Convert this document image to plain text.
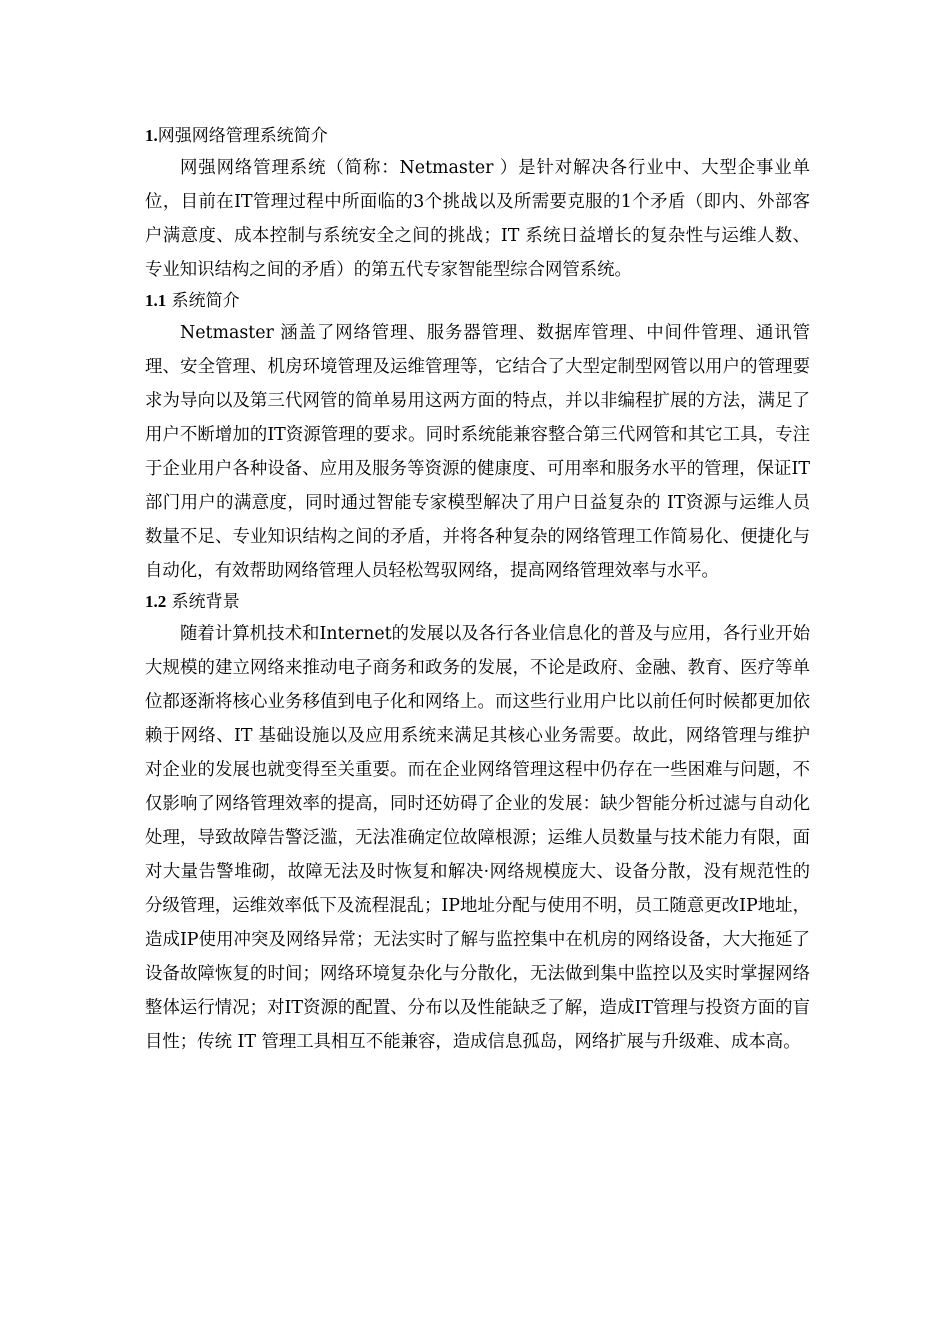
1.网强网络管理系统简介

网强网络管理系统（简称：Netmaster ）是针对解决各行业中、大型企事业单位，目前在IT管理过程中所面临的3个挑战以及所需要克服的1个矛盾（即内、外部客户满意度、成本控制与系统安全之间的挑战；IT 系统日益增长的复杂性与运维人数、专业知识结构之间的矛盾）的第五代专家智能型综合网管系统。

1.1 系统简介

Netmaster 涵盖了网络管理、服务器管理、数据库管理、中间件管理、通讯管理、安全管理、机房环境管理及运维管理等，它结合了大型定制型网管以用户的管理要求为导向以及第三代网管的简单易用这两方面的特点，并以非编程扩展的方法，满足了用户不断增加的IT资源管理的要求。同时系统能兼容整合第三代网管和其它工具，专注于企业用户各种设备、应用及服务等资源的健康度、可用率和服务水平的管理，保证IT部门用户的满意度，同时通过智能专家模型解决了用户日益复杂的 IT资源与运维人员数量不足、专业知识结构之间的矛盾，并将各种复杂的网络管理工作简易化、便捷化与自动化，有效帮助网络管理人员轻松驾驭网络，提高网络管理效率与水平。

1.2 系统背景

随着计算机技术和Internet的发展以及各行各业信息化的普及与应用，各行业开始大规模的建立网络来推动电子商务和政务的发展，不论是政府、金融、教育、医疗等单位都逐渐将核心业务移值到电子化和网络上。而这些行业用户比以前任何时候都更加依赖于网络、IT 基础设施以及应用系统来满足其核心业务需要。故此，网络管理与维护对企业的发展也就变得至关重要。而在企业网络管理这程中仍存在一些困难与问题，不仅影响了网络管理效率的提高，同时还妨碍了企业的发展：缺少智能分析过滤与自动化处理，导致故障告警泛滥，无法准确定位故障根源；运维人员数量与技术能力有限，面对大量告警堆砌，故障无法及时恢复和解决·网络规模庞大、设备分散，没有规范性的分级管理，运维效率低下及流程混乱；IP地址分配与使用不明，员工随意更改IP地址，造成IP使用冲突及网络异常；无法实时了解与监控集中在机房的网络设备，大大拖延了设备故障恢复的时间；网络环境复杂化与分散化，无法做到集中监控以及实时掌握网络整体运行情况；对IT资源的配置、分布以及性能缺乏了解，造成IT管理与投资方面的盲目性；传统 IT 管理工具相互不能兼容，造成信息孤岛，网络扩展与升级难、成本高。
